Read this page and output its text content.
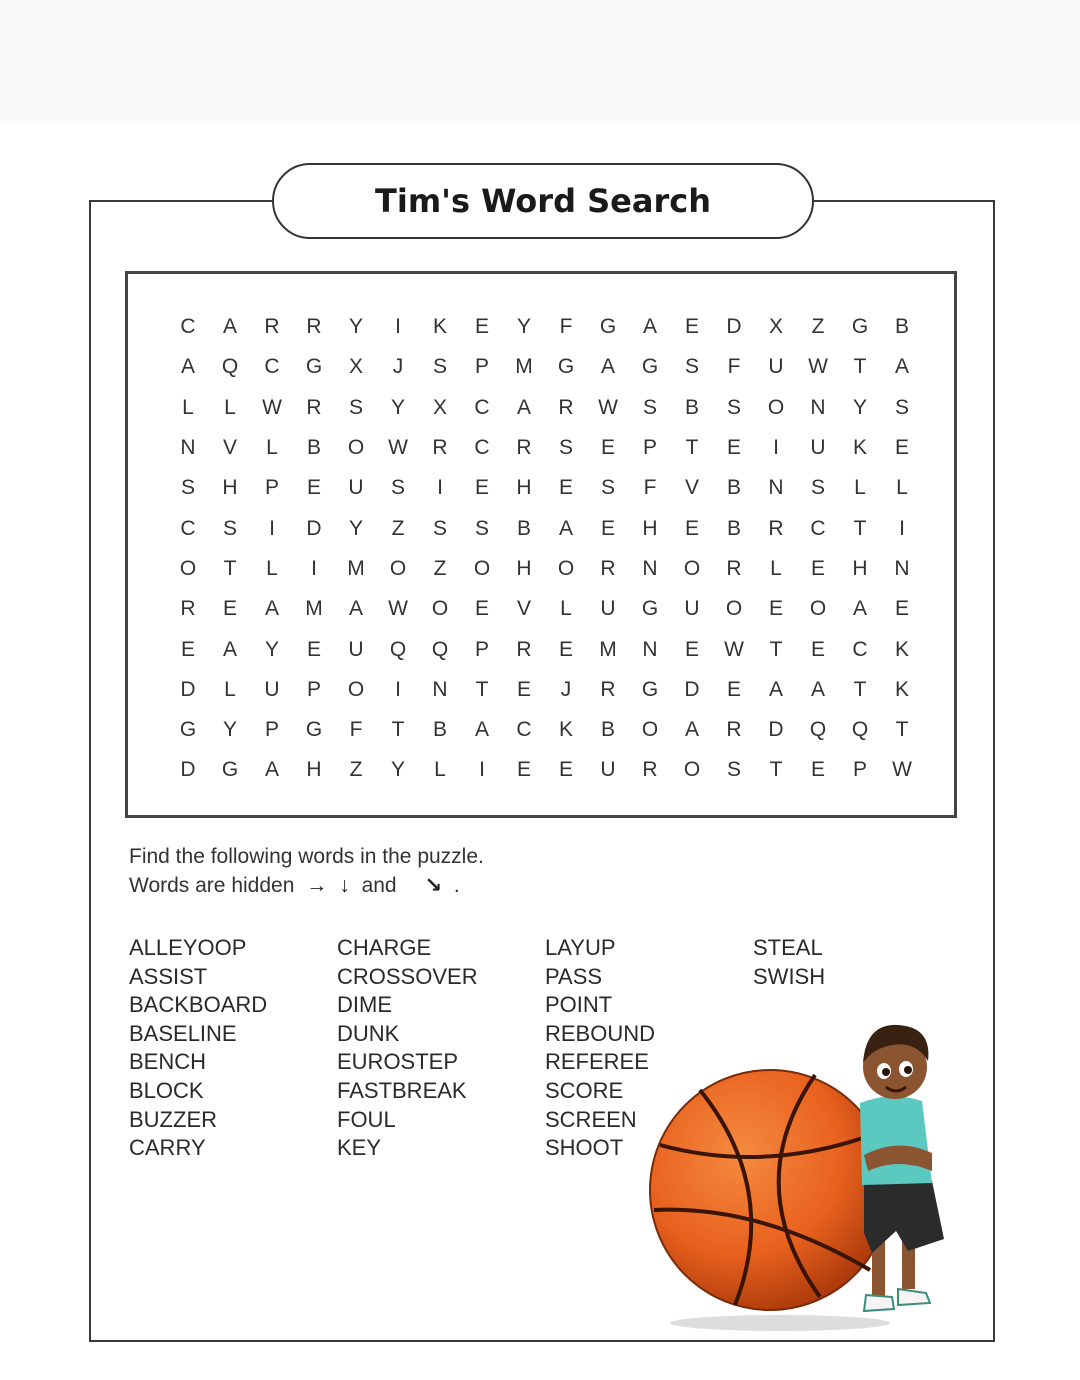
Tim's Word Search
C	A	R	R	Y	I	K	E	Y	F	G	A	E	D	X	Z	G	B
A	Q	C	G	X	J	S	P	M	G	A	G	S	F	U	W	T	A
L	L	W	R	S	Y	X	C	A	R	W	S	B	S	O	N	Y	S
N	V	L	B	O	W	R	C	R	S	E	P	T	E	I	U	K	E
S	H	P	E	U	S	I	E	H	E	S	F	V	B	N	S	L	L
C	S	I	D	Y	Z	S	S	B	A	E	H	E	B	R	C	T	I
O	T	L	I	M	O	Z	O	H	O	R	N	O	R	L	E	H	N
R	E	A	M	A	W	O	E	V	L	U	G	U	O	E	O	A	E
E	A	Y	E	U	Q	Q	P	R	E	M	N	E	W	T	E	C	K
D	L	U	P	O	I	N	T	E	J	R	G	D	E	A	A	T	K
G	Y	P	G	F	T	B	A	C	K	B	O	A	R	D	Q	Q	T
D	G	A	H	Z	Y	L	I	E	E	U	R	O	S	T	E	P	W
Find the following words in the puzzle.
Words are hidden → ↓ and ↘ .
ALLEYOOP
ASSIST
BACKBOARD
BASELINE
BENCH
BLOCK
BUZZER
CARRY
CHARGE
CROSSOVER
DIME
DUNK
EUROSTEP
FASTBREAK
FOUL
KEY
LAYUP
PASS
POINT
REBOUND
REFEREE
SCORE
SCREEN
SHOOT
STEAL
SWISH
